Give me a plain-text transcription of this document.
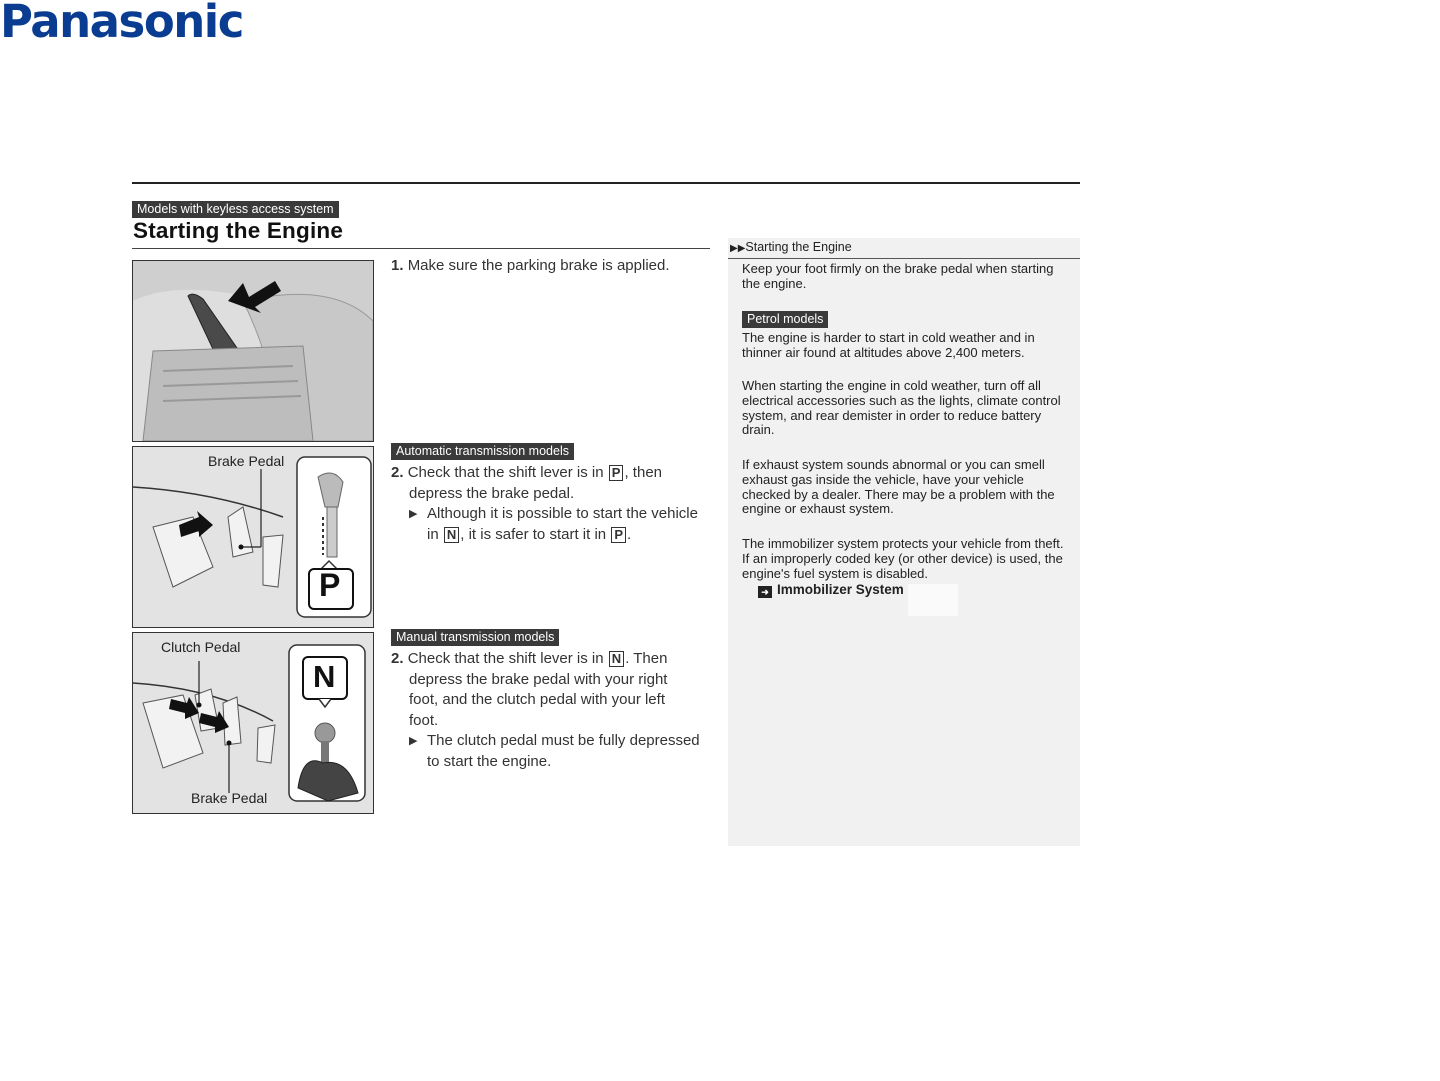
Panasonic
Models with keyless access system
Starting the Engine
1. Make sure the parking brake is applied.
Brake Pedal
P
Automatic transmission models
2. Check that the shift lever is in P , then
depress the brake pedal.
▶ Although it is possible to start the vehicle
in N , it is safer to start it in P .
Clutch Pedal
Brake Pedal
N
Manual transmission models
2. Check that the shift lever is in N . Then
depress the brake pedal with your right
foot, and the clutch pedal with your left
foot.
▶ The clutch pedal must be fully depressed
to start the engine.
▶▶Starting the Engine
Keep your foot firmly on the brake pedal when starting the engine.
Petrol models
The engine is harder to start in cold weather and in thinner air found at altitudes above 2,400 meters.
When starting the engine in cold weather, turn off all electrical accessories such as the lights, climate control system, and rear demister in order to reduce battery drain.
If exhaust system sounds abnormal or you can smell exhaust gas inside the vehicle, have your vehicle checked by a dealer. There may be a problem with the engine or exhaust system.
The immobilizer system protects your vehicle from theft. If an improperly coded key (or other device) is used, the engine's fuel system is disabled.
➜ Immobilizer System
